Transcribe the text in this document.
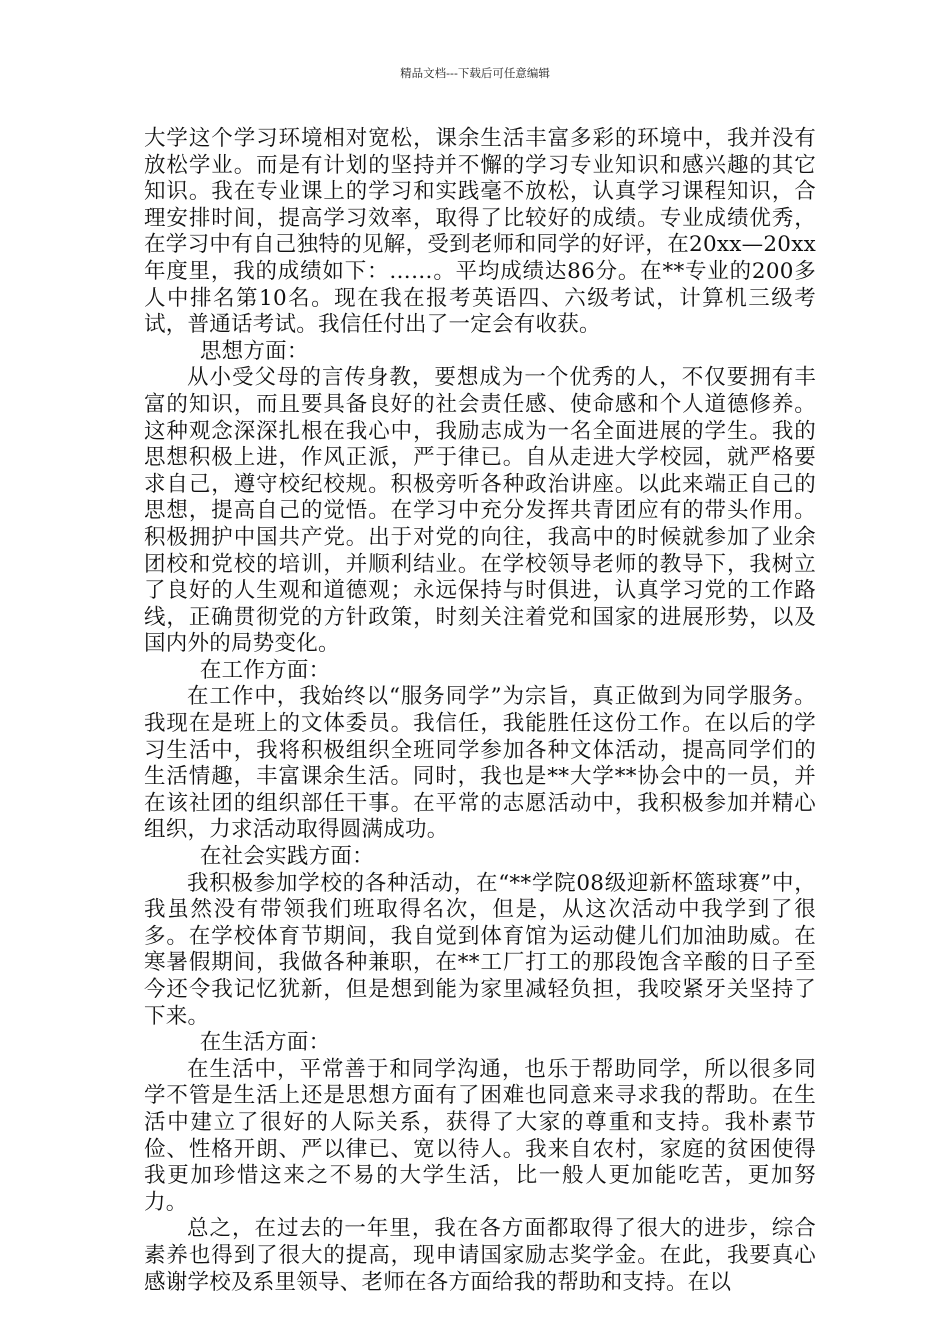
精品文档---下载后可任意编辑

大学这个学习环境相对宽松，课余生活丰富多彩的环境中，我并没有放松学业。而是有计划的坚持并不懈的学习专业知识和感兴趣的其它知识。我在专业课上的学习和实践毫不放松，认真学习课程知识，合理安排时间，提高学习效率，取得了比较好的成绩。专业成绩优秀，在学习中有自己独特的见解，受到老师和同学的好评，在20xx—20xx年度里，我的成绩如下：……。平均成绩达86分。在**专业的200多人中排名第10名。现在我在报考英语四、六级考试，计算机三级考试，普通话考试。我信任付出了一定会有收获。

思想方面：

从小受父母的言传身教，要想成为一个优秀的人，不仅要拥有丰富的知识，而且要具备良好的社会责任感、使命感和个人道德修养。这种观念深深扎根在我心中，我励志成为一名全面进展的学生。我的思想积极上进，作风正派，严于律已。自从走进大学校园，就严格要求自己，遵守校纪校规。积极旁听各种政治讲座。以此来端正自己的思想，提高自己的觉悟。在学习中充分发挥共青团应有的带头作用。积极拥护中国共产党。出于对党的向往，我高中的时候就参加了业余团校和党校的培训，并顺利结业。在学校领导老师的教导下，我树立了良好的人生观和道德观；永远保持与时俱进，认真学习党的工作路线，正确贯彻党的方针政策，时刻关注着党和国家的进展形势，以及国内外的局势变化。

在工作方面：

在工作中，我始终以“服务同学”为宗旨，真正做到为同学服务。我现在是班上的文体委员。我信任，我能胜任这份工作。在以后的学习生活中，我将积极组织全班同学参加各种文体活动，提高同学们的生活情趣，丰富课余生活。同时，我也是**大学**协会中的一员，并在该社团的组织部任干事。在平常的志愿活动中，我积极参加并精心组织，力求活动取得圆满成功。

在社会实践方面：

我积极参加学校的各种活动，在“**学院08级迎新杯篮球赛”中，我虽然没有带领我们班取得名次，但是，从这次活动中我学到了很多。在学校体育节期间，我自觉到体育馆为运动健儿们加油助威。在寒暑假期间，我做各种兼职，在**工厂打工的那段饱含辛酸的日子至今还令我记忆犹新，但是想到能为家里减轻负担，我咬紧牙关坚持了下来。

在生活方面：

在生活中，平常善于和同学沟通，也乐于帮助同学，所以很多同学不管是生活上还是思想方面有了困难也同意来寻求我的帮助。在生活中建立了很好的人际关系，获得了大家的尊重和支持。我朴素节俭、性格开朗、严以律已、宽以待人。我来自农村，家庭的贫困使得我更加珍惜这来之不易的大学生活，比一般人更加能吃苦，更加努力。

总之，在过去的一年里，我在各方面都取得了很大的进步，综合素养也得到了很大的提高，现申请国家励志奖学金。在此，我要真心感谢学校及系里领导、老师在各方面给我的帮助和支持。在以
